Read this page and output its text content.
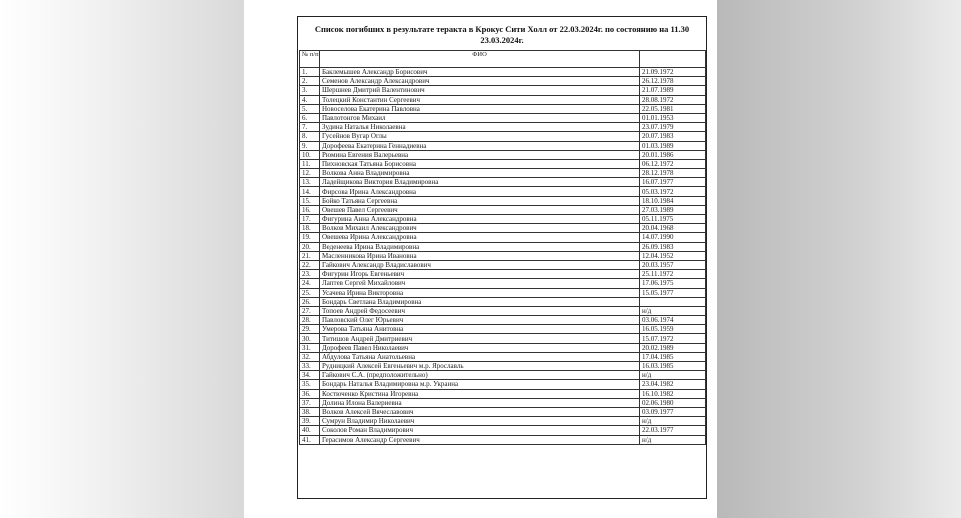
Список погибших в результате теракта в Крокус Сити Холл от 22.03.2024г. по состоянию на 11.30 23.03.2024г.
№ п/п	ФИО	
1.	Баклемышев Александр Борисович	21.09.1972
2.	Семенов Александр Александрович	26.12.1978
3.	Шершнев Дмитрий Валентинович	21.07.1989
4.	Толецкий Константин Сергеевич	28.08.1972
5.	Новоселова Екатерина Павловна	22.05.1981
6.	Павлотонгов Михаил	01.01.1953
7.	Зудина Наталья Николаевна	23.07.1979
8.	Гусейнов Вугар Оглы	20.07.1983
9.	Дорофеева Екатерина Геннадиевна	01.03.1989
10.	Рюмина Евгения Валерьевна	20.01.1986
11.	Пихновская Татьяна Борисовна	06.12.1972
12.	Волкова Анна Владимировна	28.12.1978
13.	Ладейщикова Виктория Владимировна	16.07.1977
14.	Фирсова Ирина Александровна	05.03.1972
15.	Бойко Татьяна Сергеевна	18.10.1984
16.	Овешев Павел Сергеевич	27.03.1989
17.	Фигурина Анна Александровна	05.11.1975
18.	Волков Михаил Александрович	20.04.1968
19.	Овешева Ирина Александровна	14.07.1990
20.	Веденеева Ирина Владимировна	26.09.1983
21.	Масленникова Ирина Ивановна	12.04.1952
22.	Гайкович Александр Владиславович	20.03.1957
23.	Фигурин Игорь Евгеньевич	25.11.1972
24.	Лаптев Сергей Михайлович	17.06.1975
25.	Усачева Ирина Викторовна	15.05.1977
26.	Бондарь Светлана Владимировна	
27.	Топоев Андрей Федосеевич	н/д
28.	Павловский Олег Юрьевич	03.06.1974
29.	Умерова Татьяна Анитовна	16.05.1959
30.	Титишов Андрей Дмитриевич	15.07.1972
31.	Дорофеев Павел Николаевич	20.02.1989
32.	Абдулова Татьяна Анатольевна	17.04.1985
33.	Рудницкий Алексей Евгеньевич м.р. Ярославль	16.03.1985
34.	Гайкович С.А. (предположительно)	н/д
35.	Бондарь Наталья Владимировна м.р. Украина	23.04.1982
36.	Костюченко Кристина Игоревна	16.10.1982
37.	Долина Илона Валериевна	02.06.1980
38.	Волков Алексей Вячеславович	03.09.1977
39.	Сумрун Владимир Николаевич	н/д
40.	Соколов Роман Владимирович	22.03.1977
41.	Герасимов Александр Сергеевич	н/д
